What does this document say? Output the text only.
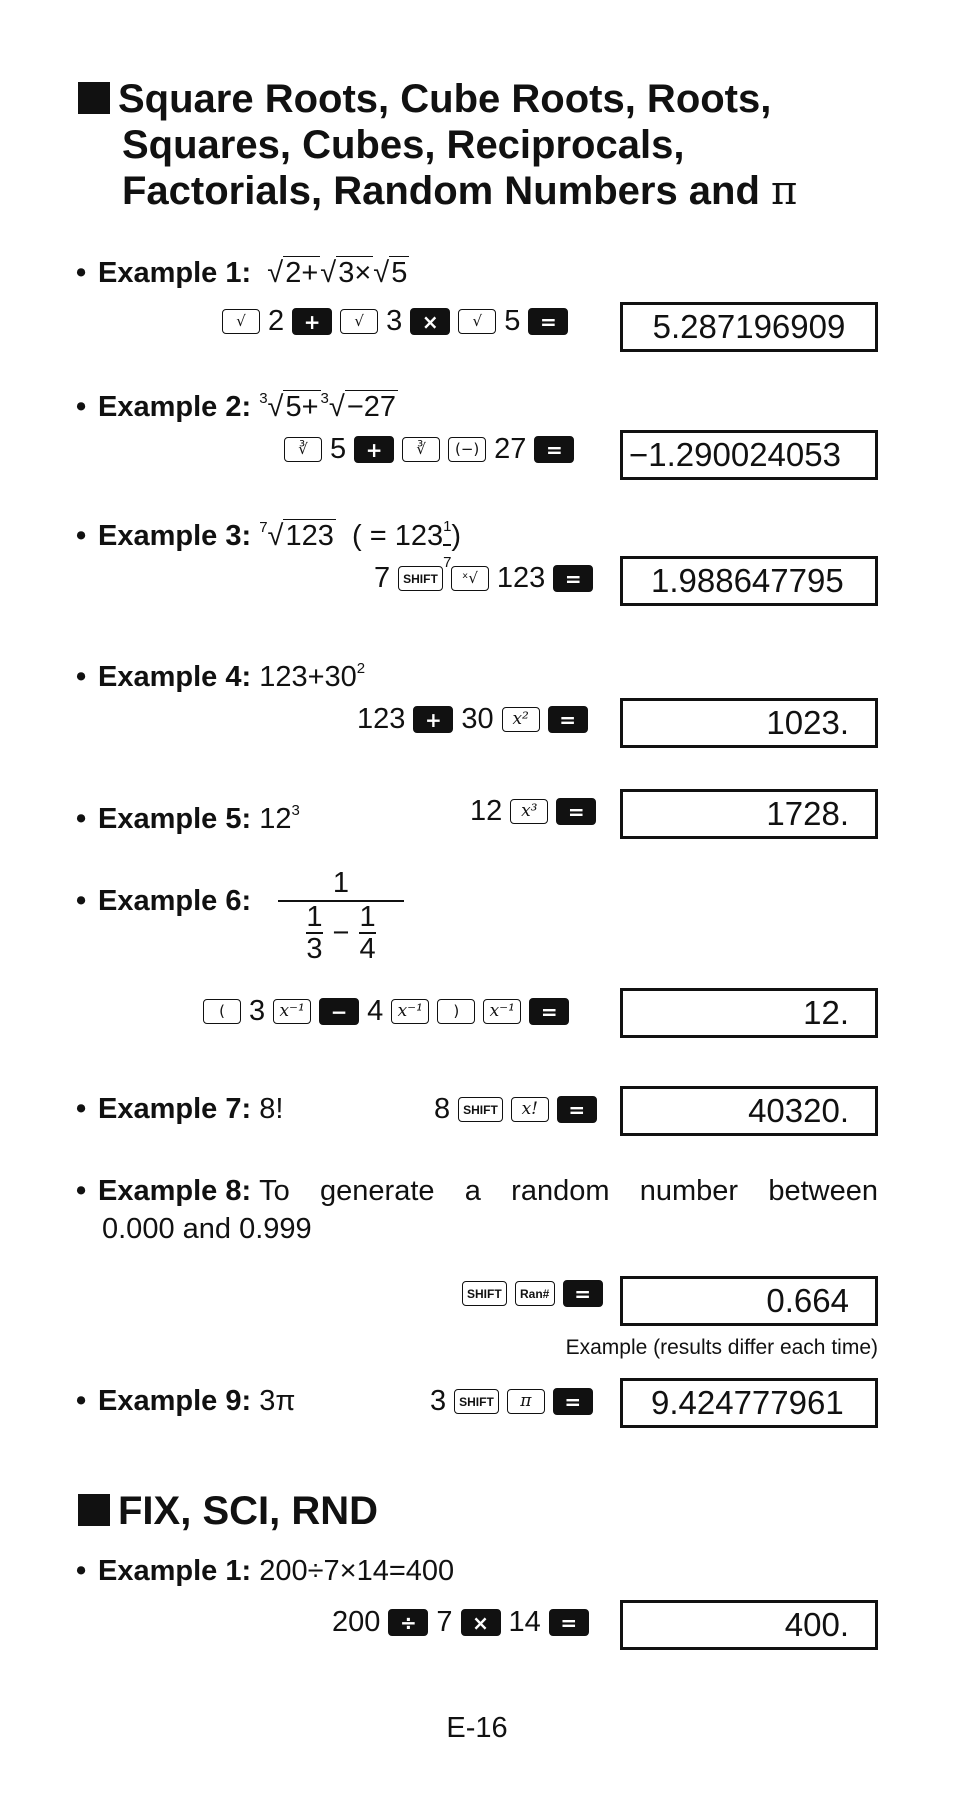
Square Roots, Cube Roots, Roots,
Squares, Cubes, Reciprocals,
Factorials, Random Numbers and π
• Example 1: √2+√3×√5
√ 2 +	√ 3 ×	√ 5 =	5.287196909
• Example 2: $^3$√5+ $^3$√−27
∛ 5 +	∛	(−) 27 =	−1.290024053
• Example 3: $^7$√123 ( = $123 \frac{1}{7}$ )
7	SHIFT	ˣ√ 123 =	1.988647795
• Example 4: $123+30^2$
123 + 30	x²	=	1023.
• Example 5: $12^3$	12	x³	=	1728.
• Example 6: $\frac{1}{\frac{1}{3} - \frac{1}{4}}$
( 3 x⁻¹	− 4 x⁻¹	)	x⁻¹	=	12.
• Example 7: 8!	8	SHIFT	x!	=	40320.
• Example 8: To generate a random number between
0.000 and 0.999
SHIFT	Ran#	=	0.664
Example (results differ each time)
• Example 9: 3π	3	SHIFT	π	=	9.424777961
FIX, SCI, RND
• Example 1: 200÷7×14=400
200 ÷ 7 × 14 =	400.
E-16
